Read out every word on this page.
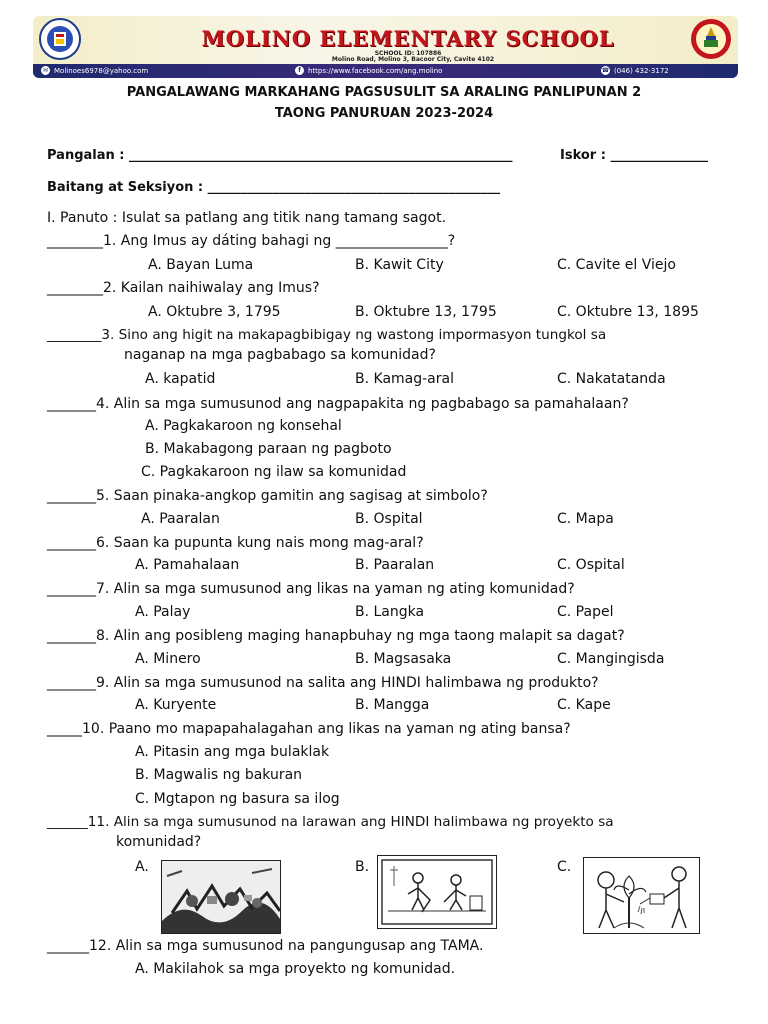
MOLINO ELEMENTARY SCHOOL
SCHOOL ID: 107886
Molino Road, Molino 3, Bacoor City, Cavite 4102
✉ Molinoes6978@yahoo.com	f	https://www.facebook.com/ang.molino	☎ (046) 432-3172
PANGALAWANG MARKAHANG PAGSUSULIT SA ARALING PANLIPUNAN 2
TAONG PANURUAN 2023-2024
Pangalan : ___________________________________________________________	Iskor : _______________
Baitang at Seksiyon : _____________________________________________
I. Panuto : Isulat sa patlang ang titik nang tamang sagot.
________1. Ang Imus ay dáting bahagi ng ________________?
A. Bayan Luma	B. Kawit City	C. Cavite el Viejo
________2. Kailan naihiwalay ang Imus?
A. Oktubre 3, 1795	B. Oktubre 13, 1795	C. Oktubre 13, 1895
________3. Sino ang higit na makapagbibigay ng wastong impormasyon tungkol sa
naganap na mga pagbabago sa komunidad?
A. kapatid	B. Kamag-aral	C. Nakatatanda
_______4. Alin sa mga sumusunod ang nagpapakita ng pagbabago sa pamahalaan?
A. Pagkakaroon ng konsehal
B. Makabagong paraan ng pagboto
C. Pagkakaroon ng ilaw sa komunidad
_______5. Saan pinaka-angkop gamitin ang sagisag at simbolo?
A. Paaralan	B. Ospital	C. Mapa
_______6. Saan ka pupunta kung nais mong mag-aral?
A. Pamahalaan	B. Paaralan	C. Ospital
_______7. Alin sa mga sumusunod ang likas na yaman ng ating komunidad?
A. Palay	B. Langka	C. Papel
_______8. Alin ang posibleng maging hanapbuhay ng mga taong malapit sa dagat?
A. Minero	B. Magsasaka	C. Mangingisda
_______9. Alin sa mga sumusunod na salita ang HINDI halimbawa ng produkto?
A. Kuryente	B. Mangga	C. Kape
_____10. Paano mo mapapahalagahan ang likas na yaman ng ating bansa?
A. Pitasin ang mga bulaklak
B. Magwalis ng bakuran
C. Mgtapon ng basura sa ilog
______11. Alin sa mga sumusunod na larawan ang HINDI halimbawa ng proyekto sa
komunidad?
A.	B.	C.
______12. Alin sa mga sumusunod na pangungusap ang TAMA.
A. Makilahok sa mga proyekto ng komunidad.
